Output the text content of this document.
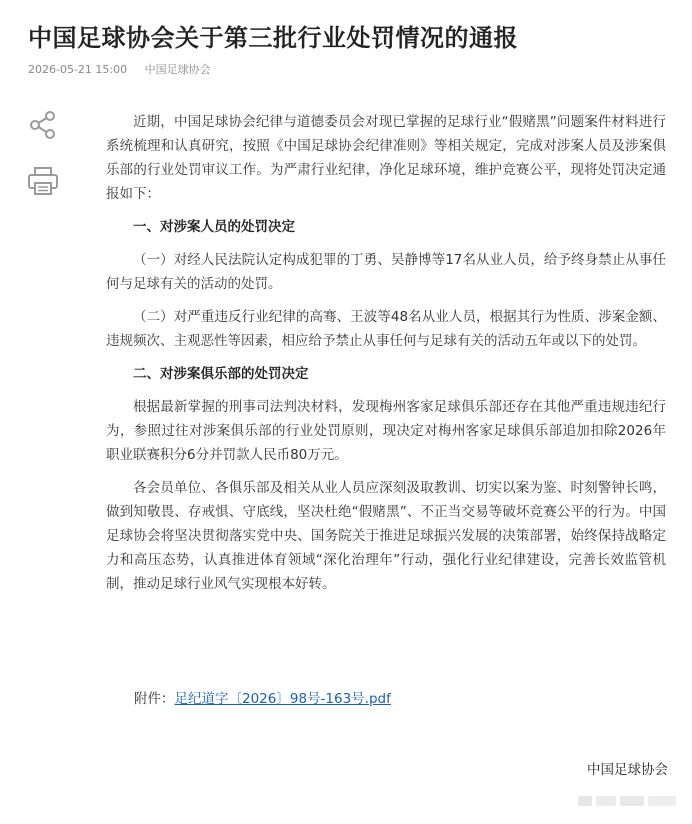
中国足球协会关于第三批行业处罚情况的通报
2026-05-21 15:00 中国足球协会

近期，中国足球协会纪律与道德委员会对现已掌握的足球行业“假赌黑”问题案件材料进行系统梳理和认真研究，按照《中国足球协会纪律准则》等相关规定，完成对涉案人员及涉案俱乐部的行业处罚审议工作。为严肃行业纪律，净化足球环境，维护竞赛公平，现将处罚决定通报如下：

一、对涉案人员的处罚决定

（一）对经人民法院认定构成犯罪的丁勇、吴静博等17名从业人员，给予终身禁止从事任何与足球有关的活动的处罚。

（二）对严重违反行业纪律的高骞、王波等48名从业人员，根据其行为性质、涉案金额、违规频次、主观恶性等因素，相应给予禁止从事任何与足球有关的活动五年或以下的处罚。

二、对涉案俱乐部的处罚决定

根据最新掌握的刑事司法判决材料，发现梅州客家足球俱乐部还存在其他严重违规违纪行为，参照过往对涉案俱乐部的行业处罚原则，现决定对梅州客家足球俱乐部追加扣除2026年职业联赛积分6分并罚款人民币80万元。

各会员单位、各俱乐部及相关从业人员应深刻汲取教训、切实以案为鉴、时刻警钟长鸣，做到知敬畏、存戒惧、守底线，坚决杜绝“假赌黑”、不正当交易等破坏竞赛公平的行为。中国足球协会将坚决贯彻落实党中央、国务院关于推进足球振兴发展的决策部署，始终保持战略定力和高压态势，认真推进体育领域“深化治理年”行动，强化行业纪律建设，完善长效监管机制，推动足球行业风气实现根本好转。

附件：足纪道字〔2026〕98号-163号.pdf
中国足球协会
